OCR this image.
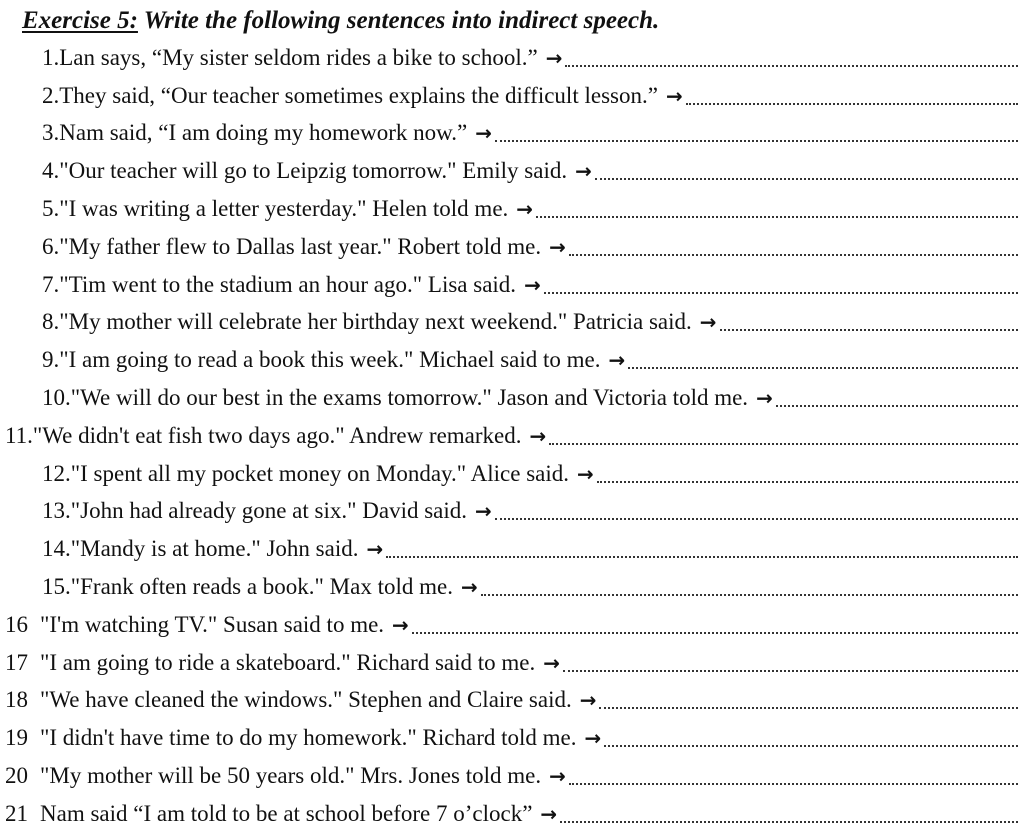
Exercise 5: Write the following sentences into indirect speech.
1. Lan says, “My sister seldom rides a bike to school.” →
2. They said, “Our teacher sometimes explains the difficult lesson.” →
3. Nam said, “I am doing my homework now.” →
4. "Our teacher will go to Leipzig tomorrow." Emily said. →
5. "I was writing a letter yesterday." Helen told me. →
6. "My father flew to Dallas last year." Robert told me. →
7. "Tim went to the stadium an hour ago." Lisa said. →
8. "My mother will celebrate her birthday next weekend." Patricia said. →
9. "I am going to read a book this week." Michael said to me. →
10. "We will do our best in the exams tomorrow." Jason and Victoria told me. →
11. "We didn't eat fish two days ago." Andrew remarked. →
12. "I spent all my pocket money on Monday." Alice said. →
13. "John had already gone at six." David said. →
14. "Mandy is at home." John said. →
15. "Frank often reads a book." Max told me. →
16 "I'm watching TV." Susan said to me. →
17 "I am going to ride a skateboard." Richard said to me. →
18 "We have cleaned the windows." Stephen and Claire said. →
19 "I didn't have time to do my homework." Richard told me. →
20 "My mother will be 50 years old." Mrs. Jones told me. →
21 Nam said “I am told to be at school before 7 o’clock” →
